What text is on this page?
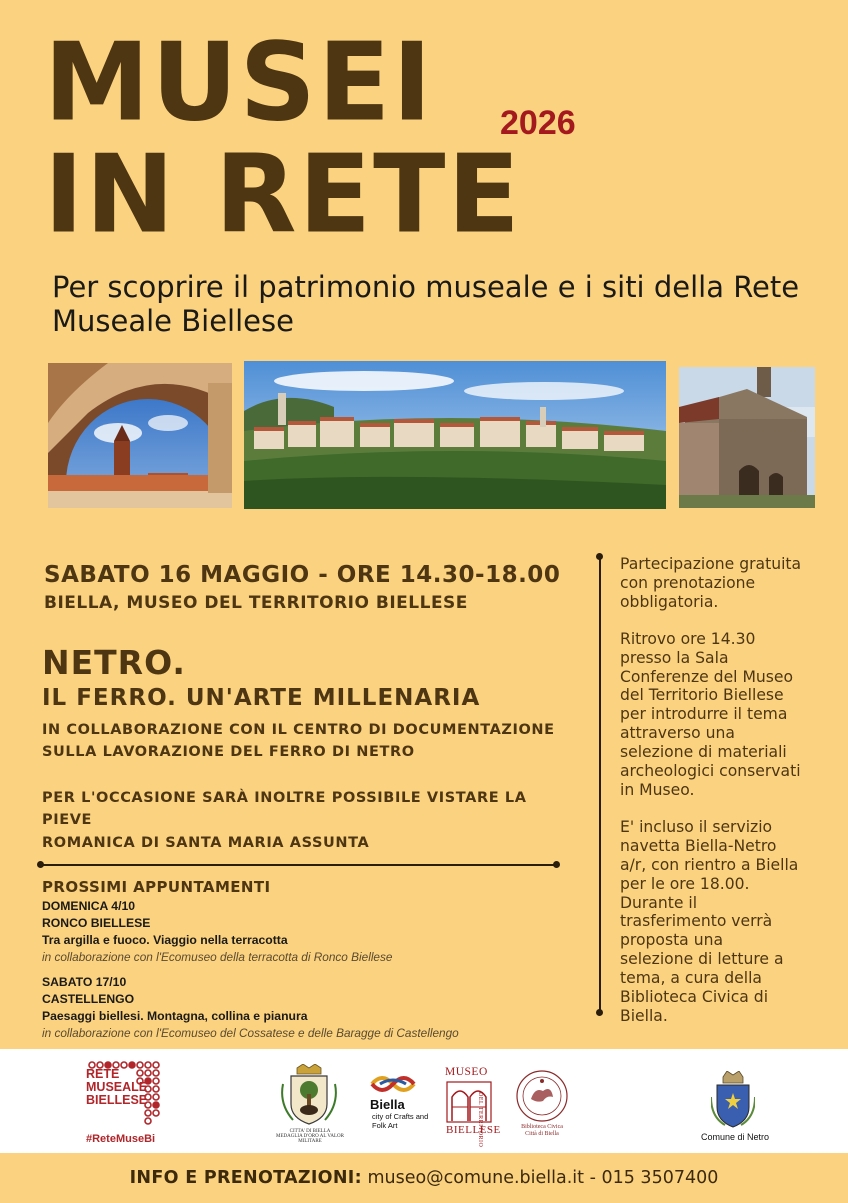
MUSEI 2026
IN RETE

Per scoprire il patrimonio museale e i siti della Rete Museale Biellese

SABATO 16 MAGGIO - ORE 14.30-18.00
BIELLA, MUSEO DEL TERRITORIO BIELLESE
NETRO.
IL FERRO. UN'ARTE MILLENARIA
IN COLLABORAZIONE CON IL CENTRO DI DOCUMENTAZIONE
SULLA LAVORAZIONE DEL FERRO DI NETRO
PER L'OCCASIONE SARÀ INOLTRE POSSIBILE VISTARE LA PIEVE
ROMANICA DI SANTA MARIA ASSUNTA
PROSSIMI APPUNTAMENTI

DOMENICA 4/10

RONCO BIELLESE

Tra argilla e fuoco. Viaggio nella terracotta

in collaborazione con l'Ecomuseo della terracotta di Ronco Biellese

SABATO 17/10

CASTELLENGO

Paesaggi biellesi. Montagna, collina e pianura

in collaborazione con l'Ecomuseo del Cossatese e delle Baragge di Castellengo

Partecipazione gratuita
con prenotazione
obbligatoria.

Ritrovo ore 14.30
presso la Sala
Conferenze del Museo
del Territorio Biellese
per introdurre il tema
attraverso una
selezione di materiali
archeologici conservati
in Museo.

E' incluso il servizio
navetta Biella-Netro
a/r, con rientro a Biella
per le ore 18.00.
Durante il
trasferimento verrà
proposta una
selezione di letture a
tema, a cura della
Biblioteca Civica di
Biella.

RETE
MUSEALE
BIELLESE
#ReteMuseBi
CITTA' DI BIELLA
MEDAGLIA D'ORO AL VALOR MILITARE
Biella
city of Crafts and Folk Art
MUSEO
DEL TERRITORIO
BIELLESE	Biblioteca Civica
Città di Biella	Comune di Netro
INFO E PRENOTAZIONI: museo@comune.biella.it - 015 3507400
